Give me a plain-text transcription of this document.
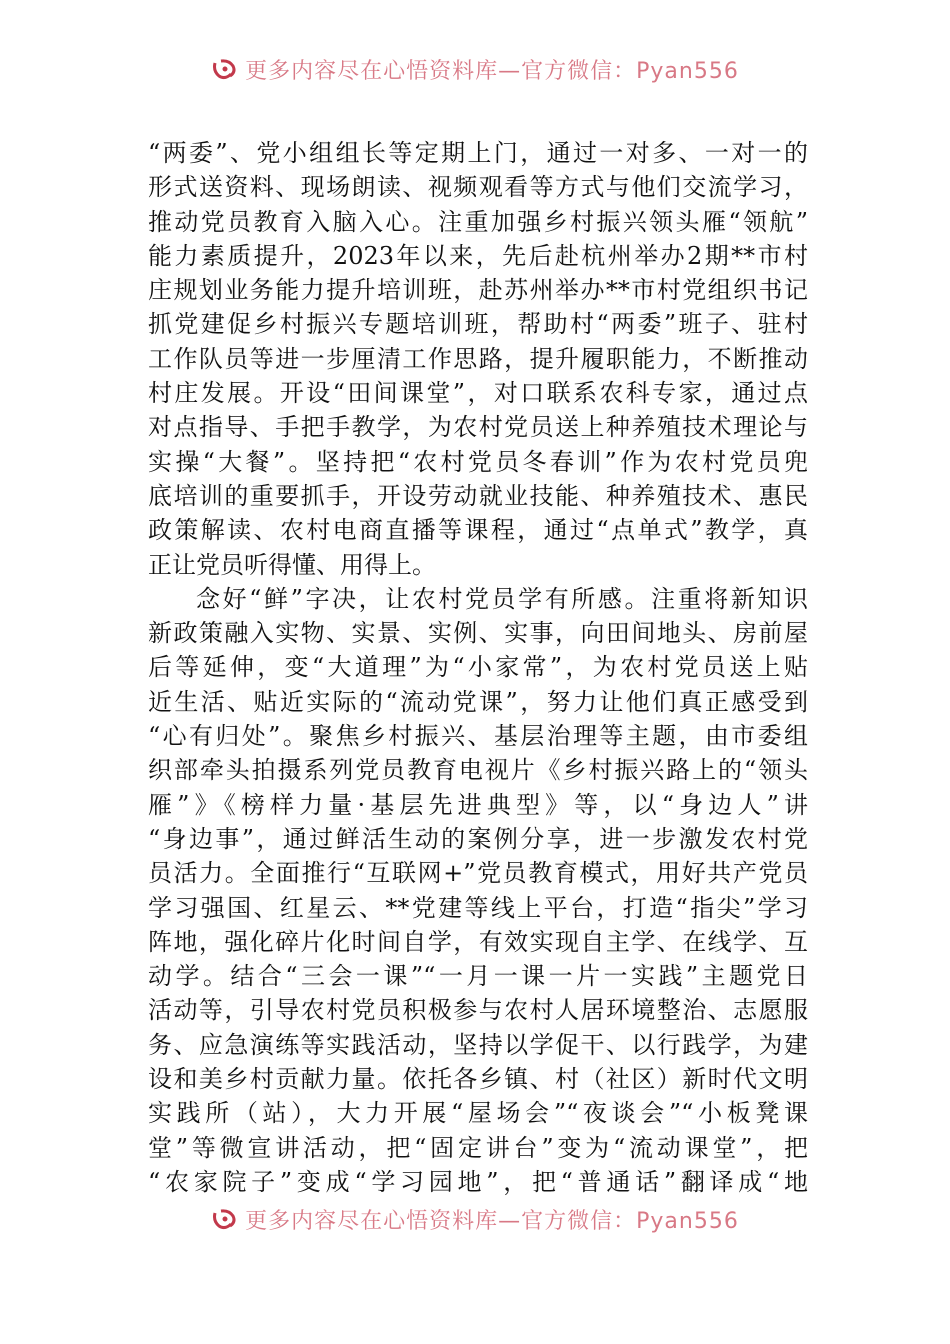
更多内容尽在心悟资料库—官方微信：Pyan556
“两委”、党小组组长等定期上门，通过一对多、一对一的
形式送资料、现场朗读、视频观看等方式与他们交流学习，
推动党员教育入脑入心。注重加强乡村振兴领头雁“领航”
能力素质提升，2023年以来，先后赴杭州举办2期**市村
庄规划业务能力提升培训班，赴苏州举办**市村党组织书记
抓党建促乡村振兴专题培训班，帮助村“两委”班子、驻村
工作队员等进一步厘清工作思路，提升履职能力，不断推动
村庄发展。开设“田间课堂”，对口联系农科专家，通过点
对点指导、手把手教学，为农村党员送上种养殖技术理论与
实操“大餐”。坚持把“农村党员冬春训”作为农村党员兜
底培训的重要抓手，开设劳动就业技能、种养殖技术、惠民
政策解读、农村电商直播等课程，通过“点单式”教学，真
正让党员听得懂、用得上。
念好“鲜”字决，让农村党员学有所感。注重将新知识
新政策融入实物、实景、实例、实事，向田间地头、房前屋
后等延伸，变“大道理”为“小家常”，为农村党员送上贴
近生活、贴近实际的“流动党课”，努力让他们真正感受到
“心有归处”。聚焦乡村振兴、基层治理等主题，由市委组
织部牵头拍摄系列党员教育电视片《乡村振兴路上的“领头
雁”》《榜样力量·基层先进典型》等，以“身边人”讲
“身边事”，通过鲜活生动的案例分享，进一步激发农村党
员活力。全面推行“互联网+”党员教育模式，用好共产党员
学习强国、红星云、**党建等线上平台，打造“指尖”学习
阵地，强化碎片化时间自学，有效实现自主学、在线学、互
动学。结合“三会一课”“一月一课一片一实践”主题党日
活动等，引导农村党员积极参与农村人居环境整治、志愿服
务、应急演练等实践活动，坚持以学促干、以行践学，为建
设和美乡村贡献力量。依托各乡镇、村（社区）新时代文明
实践所（站），大力开展“屋场会”“夜谈会”“小板凳课
堂”等微宣讲活动，把“固定讲台”变为“流动课堂”，把
“农家院子”变成“学习园地”，把“普通话”翻译成“地
更多内容尽在心悟资料库—官方微信：Pyan556
